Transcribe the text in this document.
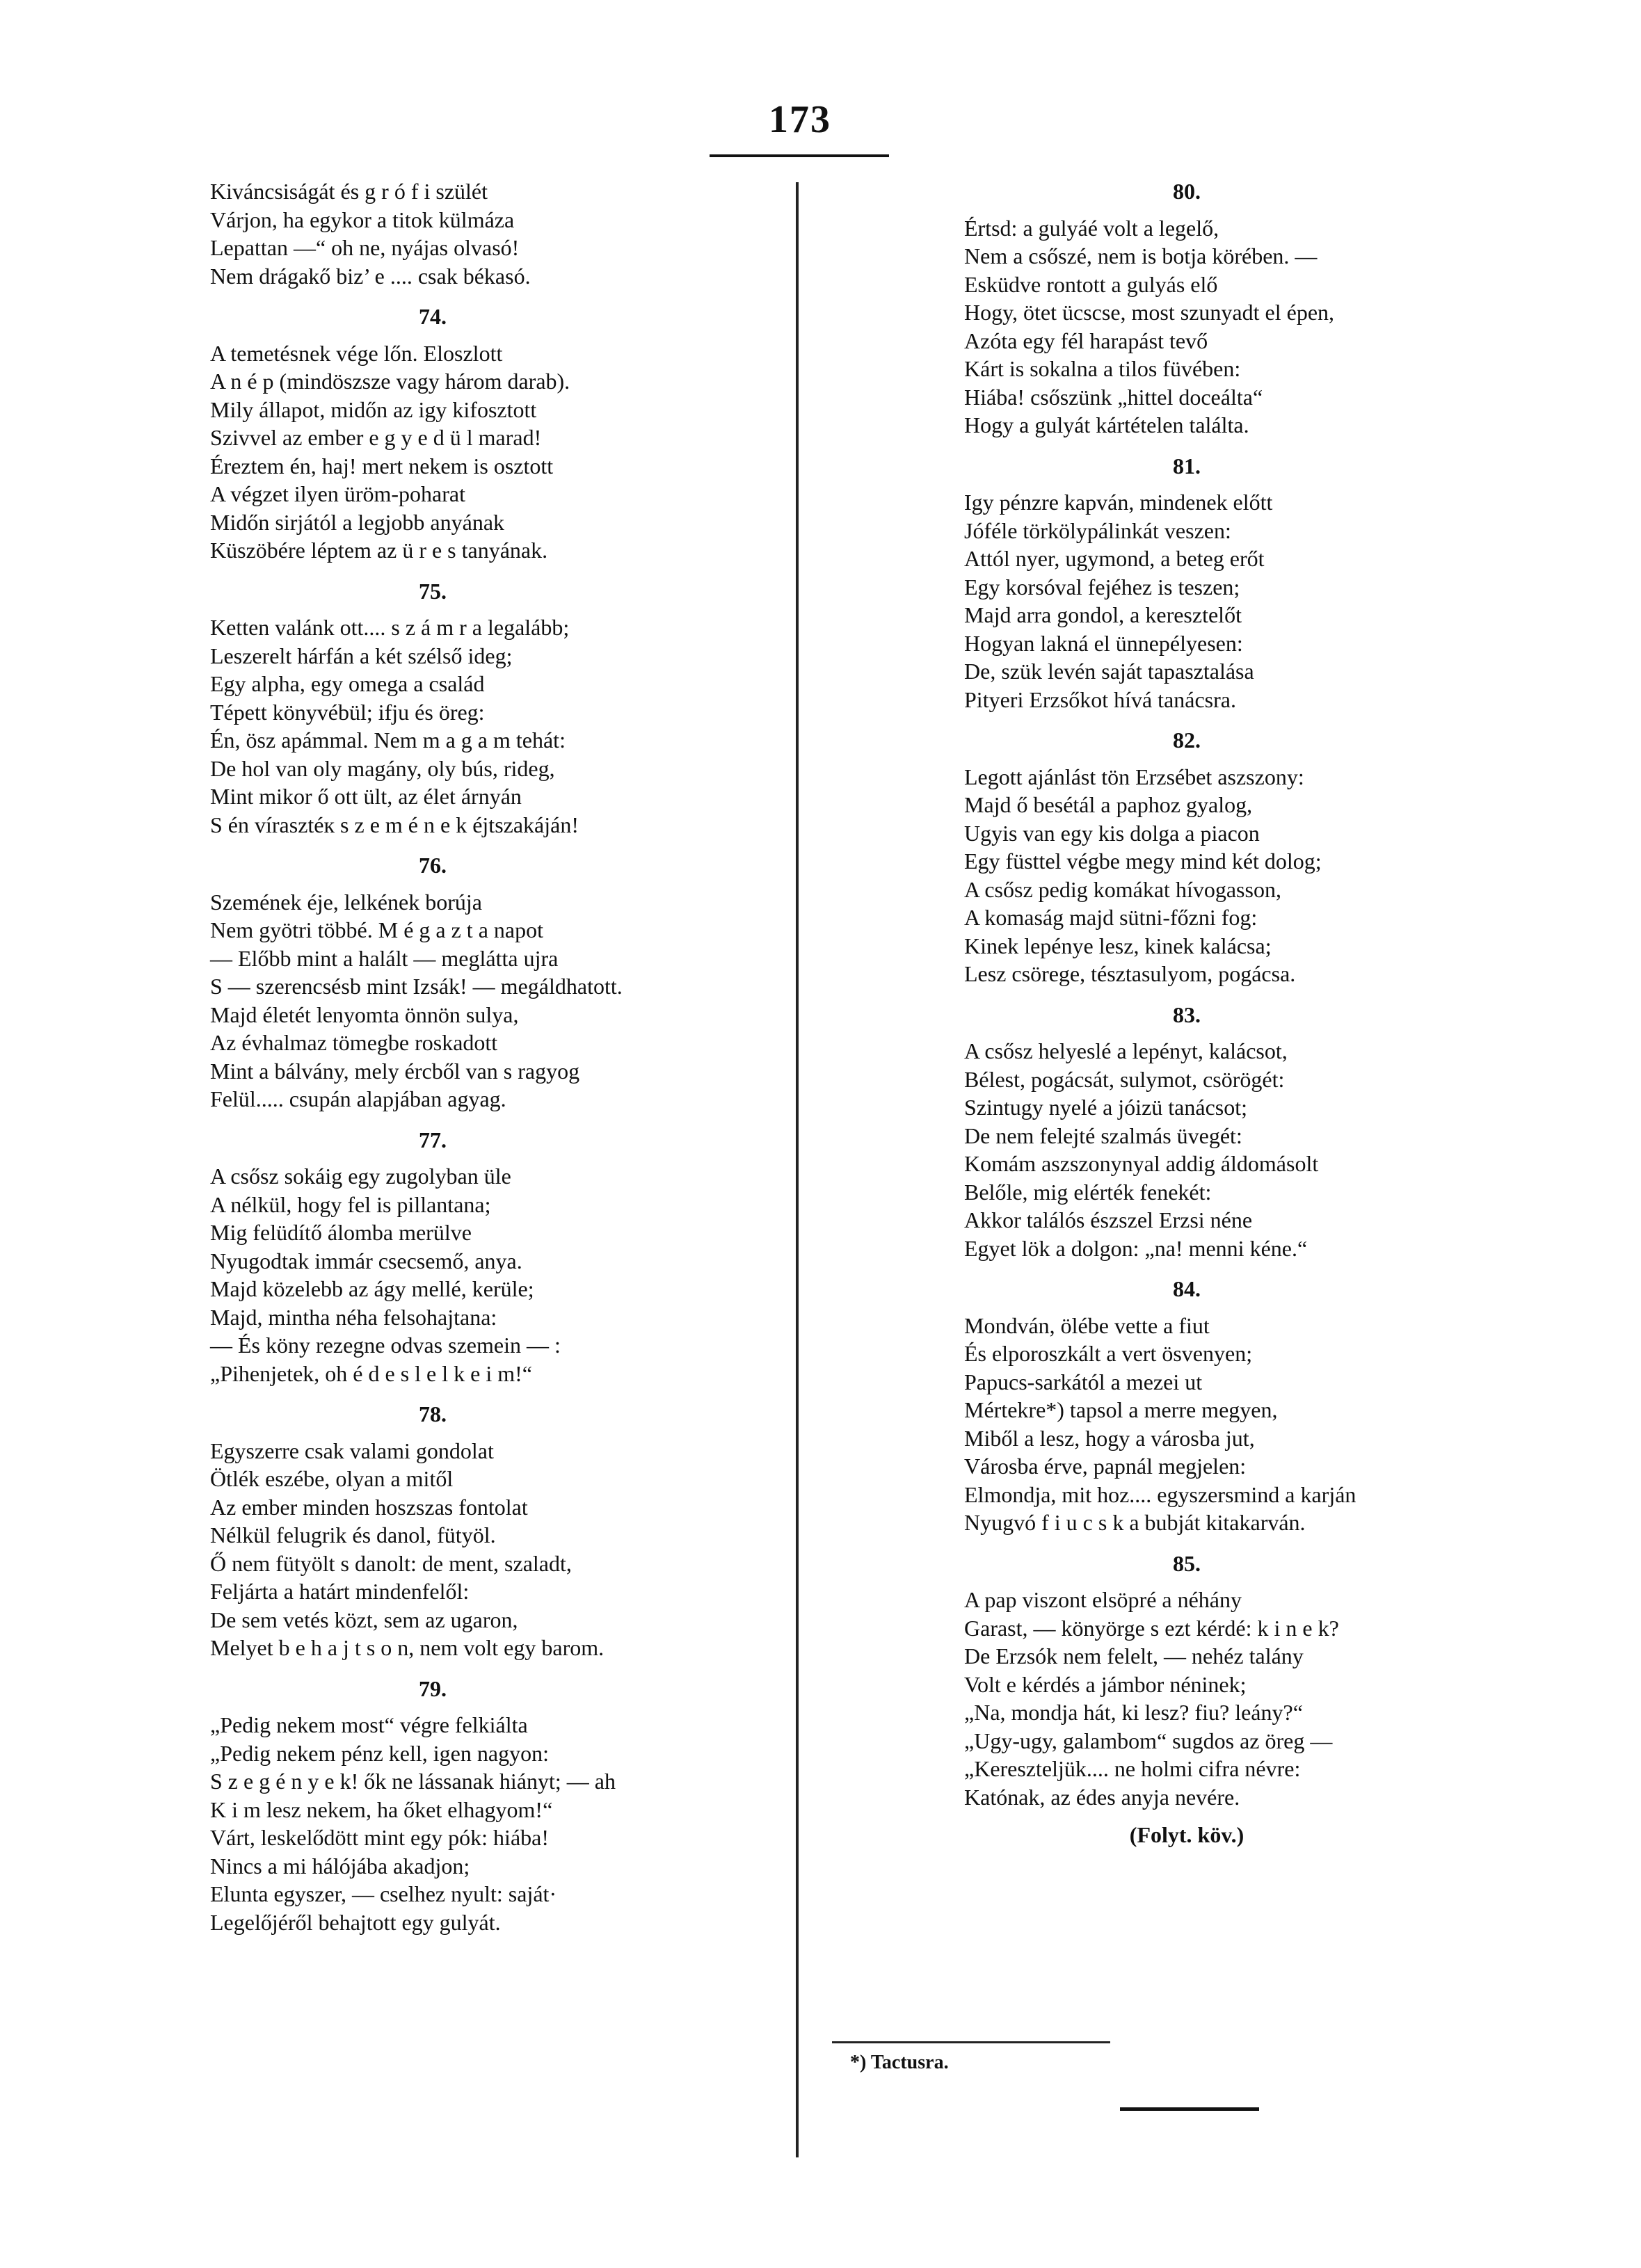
173
Kiváncsiságát és g r ó f i szülét
Várjon, ha egykor a titok külmáza
Lepattan —“ oh ne, nyájas olvasó!
Nem drágakő biz’ e .... csak békasó.
74.
A temetésnek vége lőn. Eloszlott
A n é p (mindöszsze vagy három darab).
Mily állapot, midőn az igy kifosztott
Szivvel az ember e g y e d ü l marad!
Éreztem én, haj! mert nekem is osztott
A végzet ilyen üröm-poharat
Midőn sirjától a legjobb anyának
Küszöbére léptem az ü r e s tanyának.
75.
Ketten valánk ott.... s z á m r a legalább;
Leszerelt hárfán a két szélső ideg;
Egy alpha, egy omega a család
Tépett könyvébül; ifju és öreg:
Én, ösz apámmal. Nem m a g a m tehát:
De hol van oly magány, oly bús, rideg,
Mint mikor ő ott ült, az élet árnyán
S én vírasztéк s z e m é n e k éjtszakáján!
76.
Szemének éje, lelkének borúja
Nem gyötri többé. M é g a z t a napot
— Előbb mint a halált — meglátta ujra
S — szerencsésb mint Izsák! — megáldhatott.
Majd életét lenyomta önnön sulya,
Az évhalmaz tömegbe roskadott
Mint a bálvány, mely ércből van s ragyog
Felül..... csupán alapjában agyag.
77.
A csősz sokáig egy zugolyban üle
A nélkül, hogy fel is pillantana;
Mig felüdítő álomba merülve
Nyugodtak immár csecsemő, anya.
Majd közelebb az ágy mellé, kerüle;
Majd, mintha néha felsohajtana:
— És köny rezegne odvas szemein — :
„Pihenjetek, oh é d e s l e l k e i m!“
78.
Egyszerre csak valami gondolat
Ötlék eszébe, olyan a mitől
Az ember minden hoszszas fontolat
Nélkül felugrik és danol, fütyöl.
Ő nem fütyölt s danolt: de ment, szaladt,
Feljárta a határt mindenfelől:
De sem vetés közt, sem az ugaron,
Melyet b e h a j t s o n, nem volt egy barom.
79.
„Pedig nekem most“ végre felkiálta
„Pedig nekem pénz kell, igen nagyon:
S z e g é n y e k! ők ne lássanak hiányt; — ah
K i m lesz nekem, ha őket elhagyom!“
Várt, leskelődött mint egy pók: hiába!
Nincs a mi hálójába akadjon;
Elunta egyszer, — cselhez nyult: saját·
Legelőjéről behajtott egy gulyát.
80.
Értsd: a gulyáé volt a legelő,
Nem a csőszé, nem is botja körében. —
Esküdve rontott a gulyás elő
Hogy, ötet ücscse, most szunyadt el épen,
Azóta egy fél harapást tevő
Kárt is sokalna a tilos füvében:
Hiába! csőszünk „hittel doceálta“
Hogy a gulyát kártételen találta.
81.
Igy pénzre kapván, mindenek előtt
Jóféle törkölypálinkát veszen:
Attól nyer, ugymond, a beteg erőt
Egy korsóval fejéhez is teszen;
Majd arra gondol, a keresztelőt
Hogyan lakná el ünnepélyesen:
De, szük levén saját tapasztalása
Pityeri Erzsőkot hívá tanácsra.
82.
Legott ajánlást tön Erzsébet aszszony:
Majd ő besétál a paphoz gyalog,
Ugyis van egy kis dolga a piacon
Egy füsttel végbe megy mind két dolog;
A csősz pedig komákat hívogasson,
A komaság majd sütni-főzni fog:
Kinek lepénye lesz, kinek kalácsa;
Lesz csörege, tésztasulyom, pogácsa.
83.
A csősz helyeslé a lepényt, kalácsot,
Bélest, pogácsát, sulymot, csörögét:
Szintugy nyelé a jóizü tanácsot;
De nem felejté szalmás üvegét:
Komám aszszonynyal addig áldomásolt
Belőle, mig elérték fenekét:
Akkor találós észszel Erzsi néne
Egyet lök a dolgon: „na! menni kéne.“
84.
Mondván, ölébe vette a fiut
És elporoszkált a vert ösvenyen;
Papucs-sarkától a mezei ut
Mértekre*) tapsol a merre megyen,
Miből a lesz, hogy a városba jut,
Városba érve, papnál megjelen:
Elmondja, mit hoz.... egyszersmind a karján
Nyugvó f i u c s k a bubját kitakarván.
85.
A pap viszont elsöpré a néhány
Garast, — könyörge s ezt kérdé: k i n e k?
De Erzsók nem felelt, — nehéz talány
Volt e kérdés a jámbor néninek;
„Na, mondja hát, ki lesz? fiu? leány?“
„Ugy-ugy, galambom“ sugdos az öreg —
„Kereszteljük.... ne holmi cifra névre:
Katónak, az édes anyja nevére.
(Folyt. köv.)
*) Tactusra.
